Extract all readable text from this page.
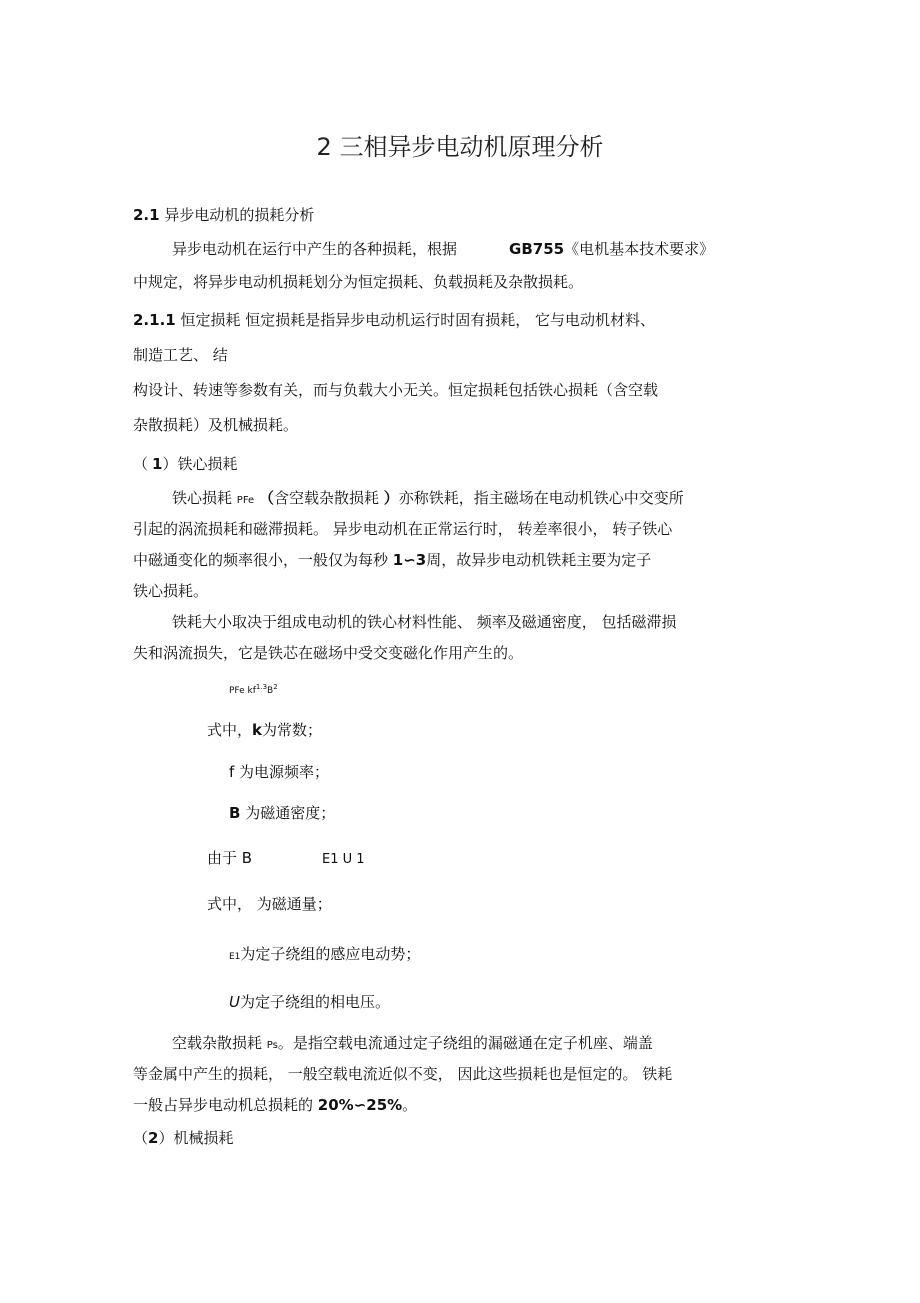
2 三相异步电动机原理分析
2.1 异步电动机的损耗分析
异步电动机在运行中产生的各种损耗，根据	GB755《电机基本技术要求》
中规定，将异步电动机损耗划分为恒定损耗、负载损耗及杂散损耗。
2.1.1 恒定损耗 恒定损耗是指异步电动机运行时固有损耗， 它与电动机材料、
制造工艺、 结
构设计、转速等参数有关，而与负载大小无关。恒定损耗包括铁心损耗（含空载
杂散损耗）及机械损耗。
（ 1）铁心损耗
铁心损耗 PFe （含空载杂散损耗 ）亦称铁耗，指主磁场在电动机铁心中交变所
引起的涡流损耗和磁滞损耗。 异步电动机在正常运行时， 转差率很小， 转子铁心
中磁通变化的频率很小，一般仅为每秒 1∽3周，故异步电动机铁耗主要为定子
铁心损耗。
铁耗大小取决于组成电动机的铁心材料性能、 频率及磁通密度， 包括磁滞损
失和涡流损失，它是铁芯在磁场中受交变磁化作用产生的。
PFe $kf^{1.3}B^2$
式中，k为常数；
f 为电源频率；
B 为磁通密度；
由于 B	E1 U 1
式中， 为磁通量；
E1为定子绕组的感应电动势；
U为定子绕组的相电压。
空载杂散损耗 Ps。是指空载电流通过定子绕组的漏磁通在定子机座、端盖
等金属中产生的损耗， 一般空载电流近似不变， 因此这些损耗也是恒定的。 铁耗
一般占异步电动机总损耗的 20%∽25%。
（2）机械损耗
